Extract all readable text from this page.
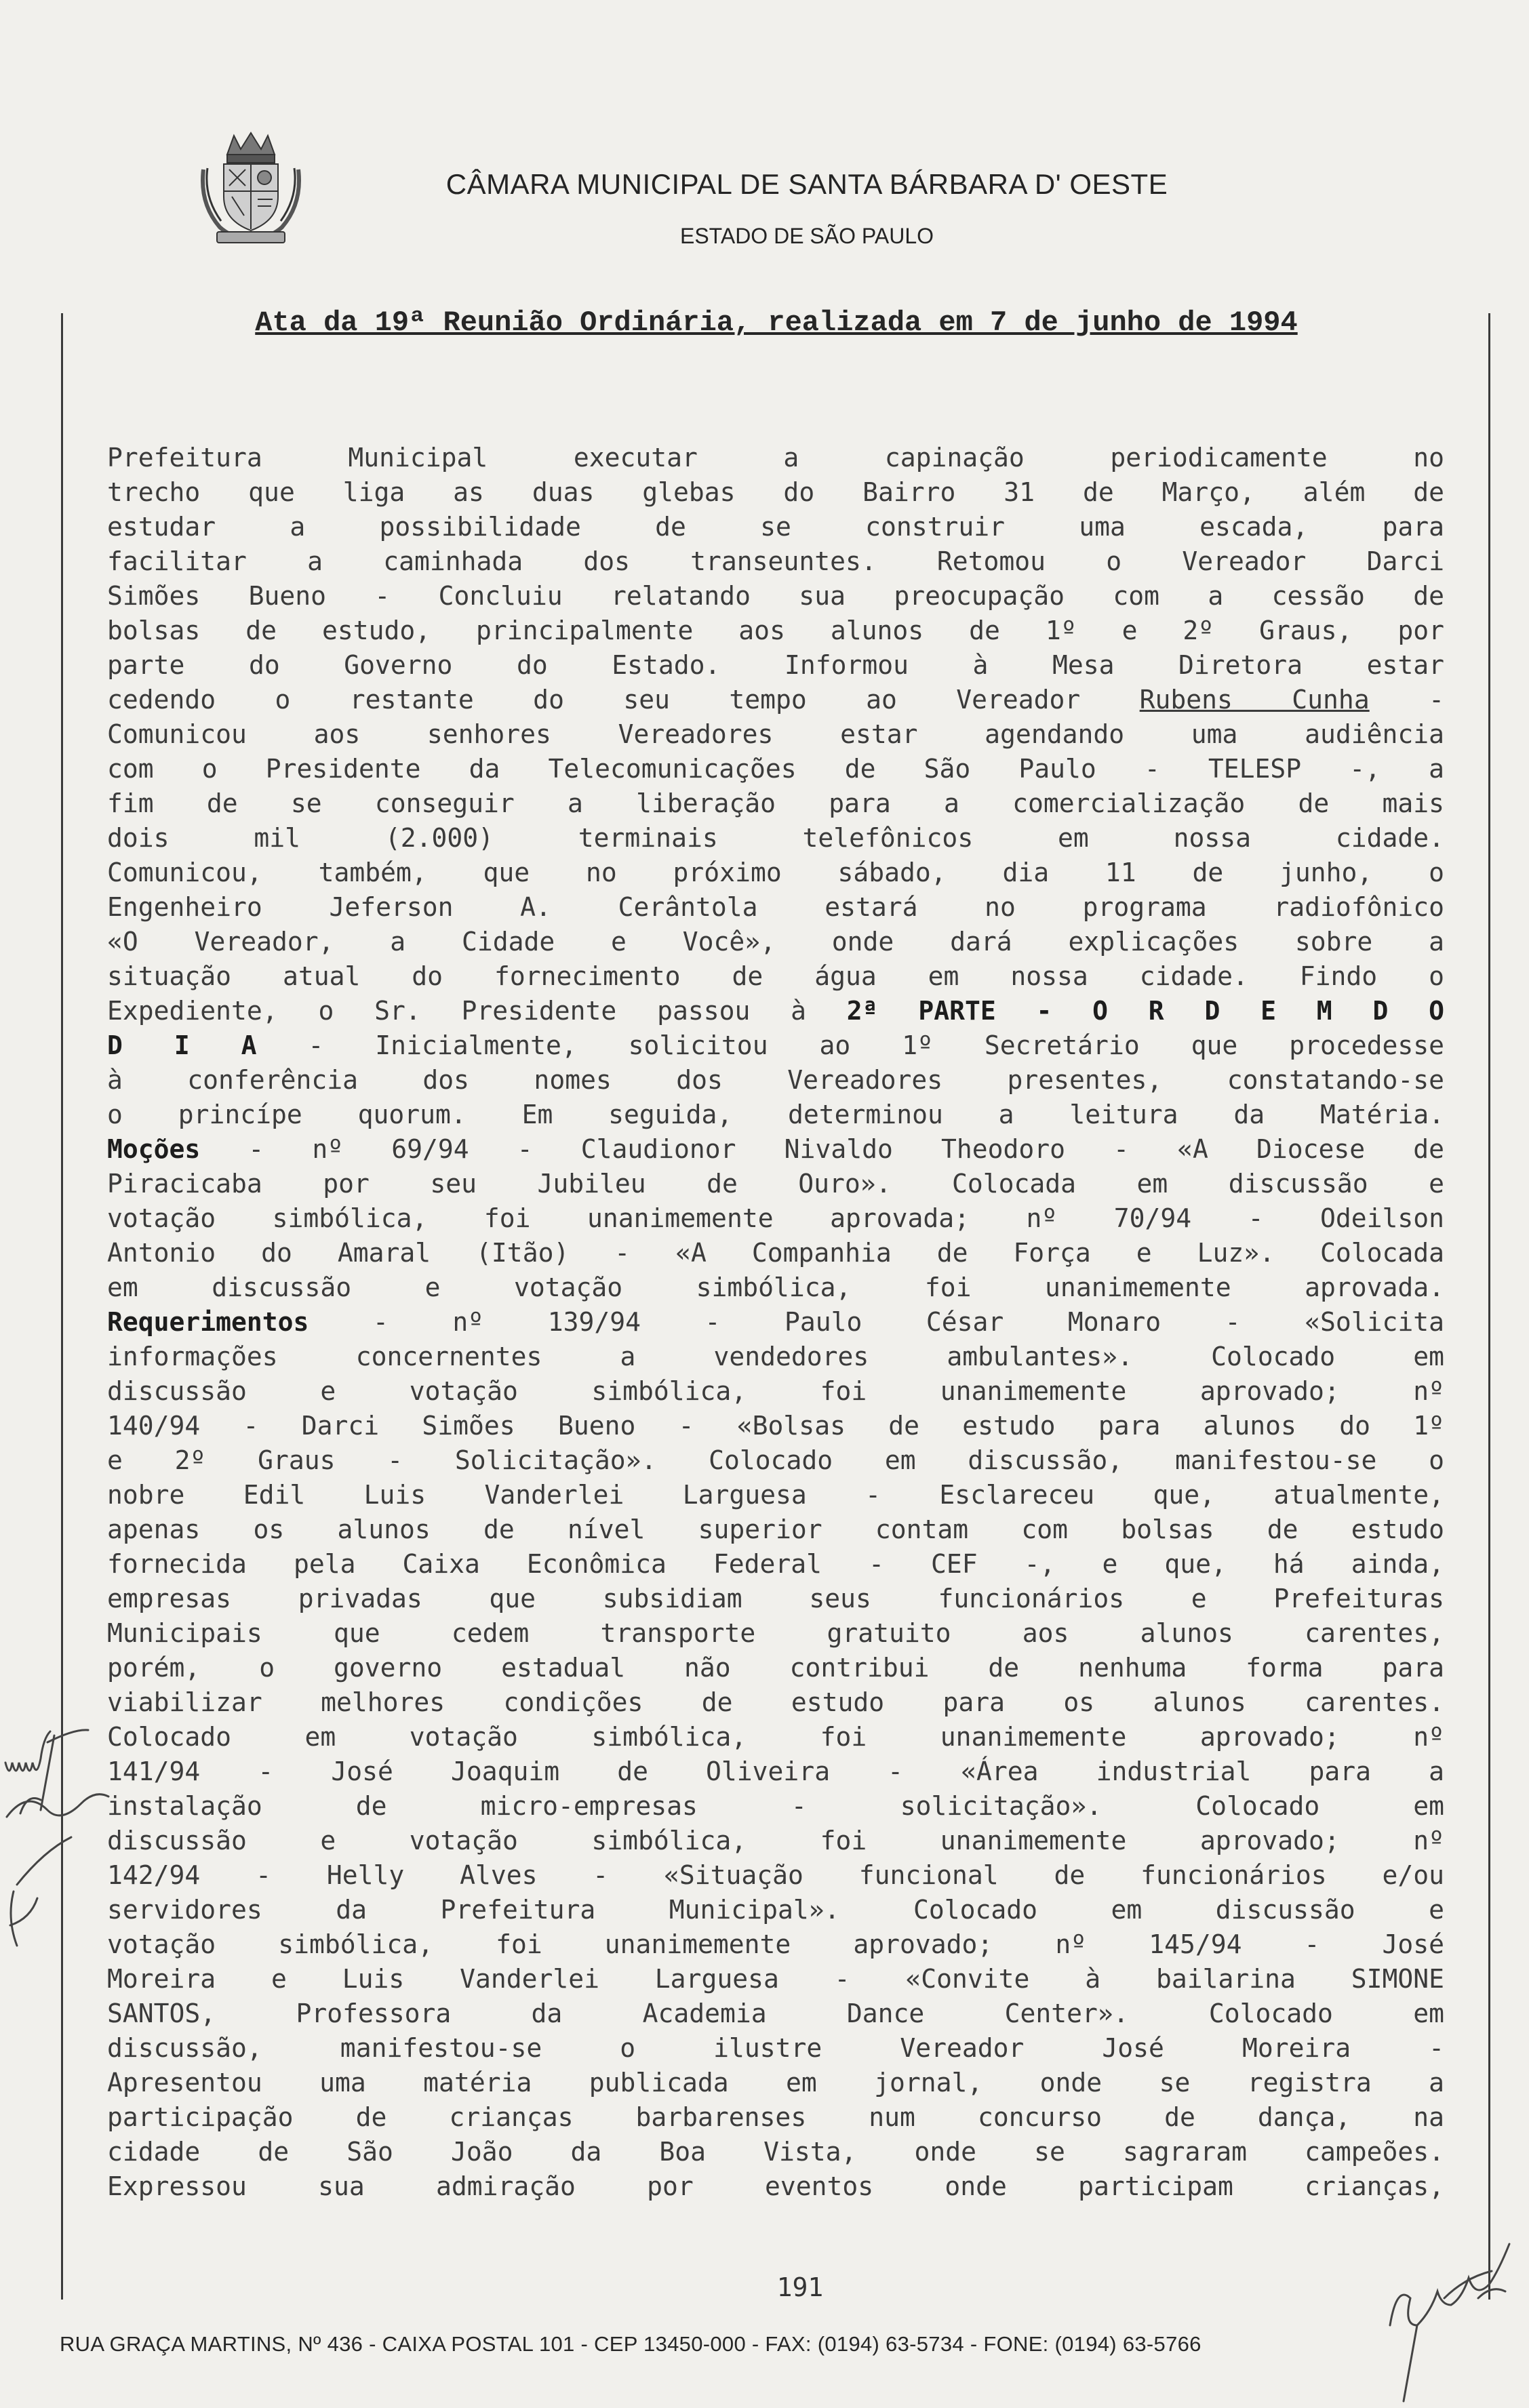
CÂMARA MUNICIPAL DE SANTA BÁRBARA D' OESTE
ESTADO DE SÃO PAULO
Ata da 19ª Reunião Ordinária, realizada em 7 de junho de 1994
Prefeitura Municipal executar a capinação periodicamente no
trecho que liga as duas glebas do Bairro 31 de Março, além de
estudar a possibilidade de se construir uma escada, para
facilitar a caminhada dos transeuntes. Retomou o Vereador Darci
Simões Bueno - Concluiu relatando sua preocupação com a cessão de
bolsas de estudo, principalmente aos alunos de 1º e 2º Graus, por
parte do Governo do Estado. Informou à Mesa Diretora estar
cedendo o restante do seu tempo ao Vereador Rubens Cunha -
Comunicou aos senhores Vereadores estar agendando uma audiência
com o Presidente da Telecomunicações de São Paulo - TELESP -, a
fim de se conseguir a liberação para a comercialização de mais
dois mil (2.000) terminais telefônicos em nossa cidade.
Comunicou, também, que no próximo sábado, dia 11 de junho, o
Engenheiro Jeferson A. Cerântola estará no programa radiofônico
«O Vereador, a Cidade e Você», onde dará explicações sobre a
situação atual do fornecimento de água em nossa cidade. Findo o
Expediente, o Sr. Presidente passou à 2ª PARTE - O R D E M D O
D I A - Inicialmente, solicitou ao 1º Secretário que procedesse
à conferência dos nomes dos Vereadores presentes, constatando-se
o princípe quorum. Em seguida, determinou a leitura da Matéria.
Moções - nº 69/94 - Claudionor Nivaldo Theodoro - «A Diocese de
Piracicaba por seu Jubileu de Ouro». Colocada em discussão e
votação simbólica, foi unanimemente aprovada; nº 70/94 - Odeilson
Antonio do Amaral (Itão) - «A Companhia de Força e Luz». Colocada
em discussão e votação simbólica, foi unanimemente aprovada.
Requerimentos - nº 139/94 - Paulo César Monaro - «Solicita
informações concernentes a vendedores ambulantes». Colocado em
discussão e votação simbólica, foi unanimemente aprovado; nº
140/94 - Darci Simões Bueno - «Bolsas de estudo para alunos do 1º
e 2º Graus - Solicitação». Colocado em discussão, manifestou-se o
nobre Edil Luis Vanderlei Larguesa - Esclareceu que, atualmente,
apenas os alunos de nível superior contam com bolsas de estudo
fornecida pela Caixa Econômica Federal - CEF -, e que, há ainda,
empresas privadas que subsidiam seus funcionários e Prefeituras
Municipais que cedem transporte gratuito aos alunos carentes,
porém, o governo estadual não contribui de nenhuma forma para
viabilizar melhores condições de estudo para os alunos carentes.
Colocado em votação simbólica, foi unanimemente aprovado; nº
141/94 - José Joaquim de Oliveira - «Área industrial para a
instalação de micro-empresas - solicitação». Colocado em
discussão e votação simbólica, foi unanimemente aprovado; nº
142/94 - Helly Alves - «Situação funcional de funcionários e/ou
servidores da Prefeitura Municipal». Colocado em discussão e
votação simbólica, foi unanimemente aprovado; nº 145/94 - José
Moreira e Luis Vanderlei Larguesa - «Convite à bailarina SIMONE
SANTOS, Professora da Academia Dance Center». Colocado em
discussão, manifestou-se o ilustre Vereador José Moreira -
Apresentou uma matéria publicada em jornal, onde se registra a
participação de crianças barbarenses num concurso de dança, na
cidade de São João da Boa Vista, onde se sagraram campeões.
Expressou sua admiração por eventos onde participam crianças,
191
RUA GRAÇA MARTINS, Nº 436 - CAIXA POSTAL 101 - CEP 13450-000 - FAX: (0194) 63-5734 - FONE: (0194) 63-5766
